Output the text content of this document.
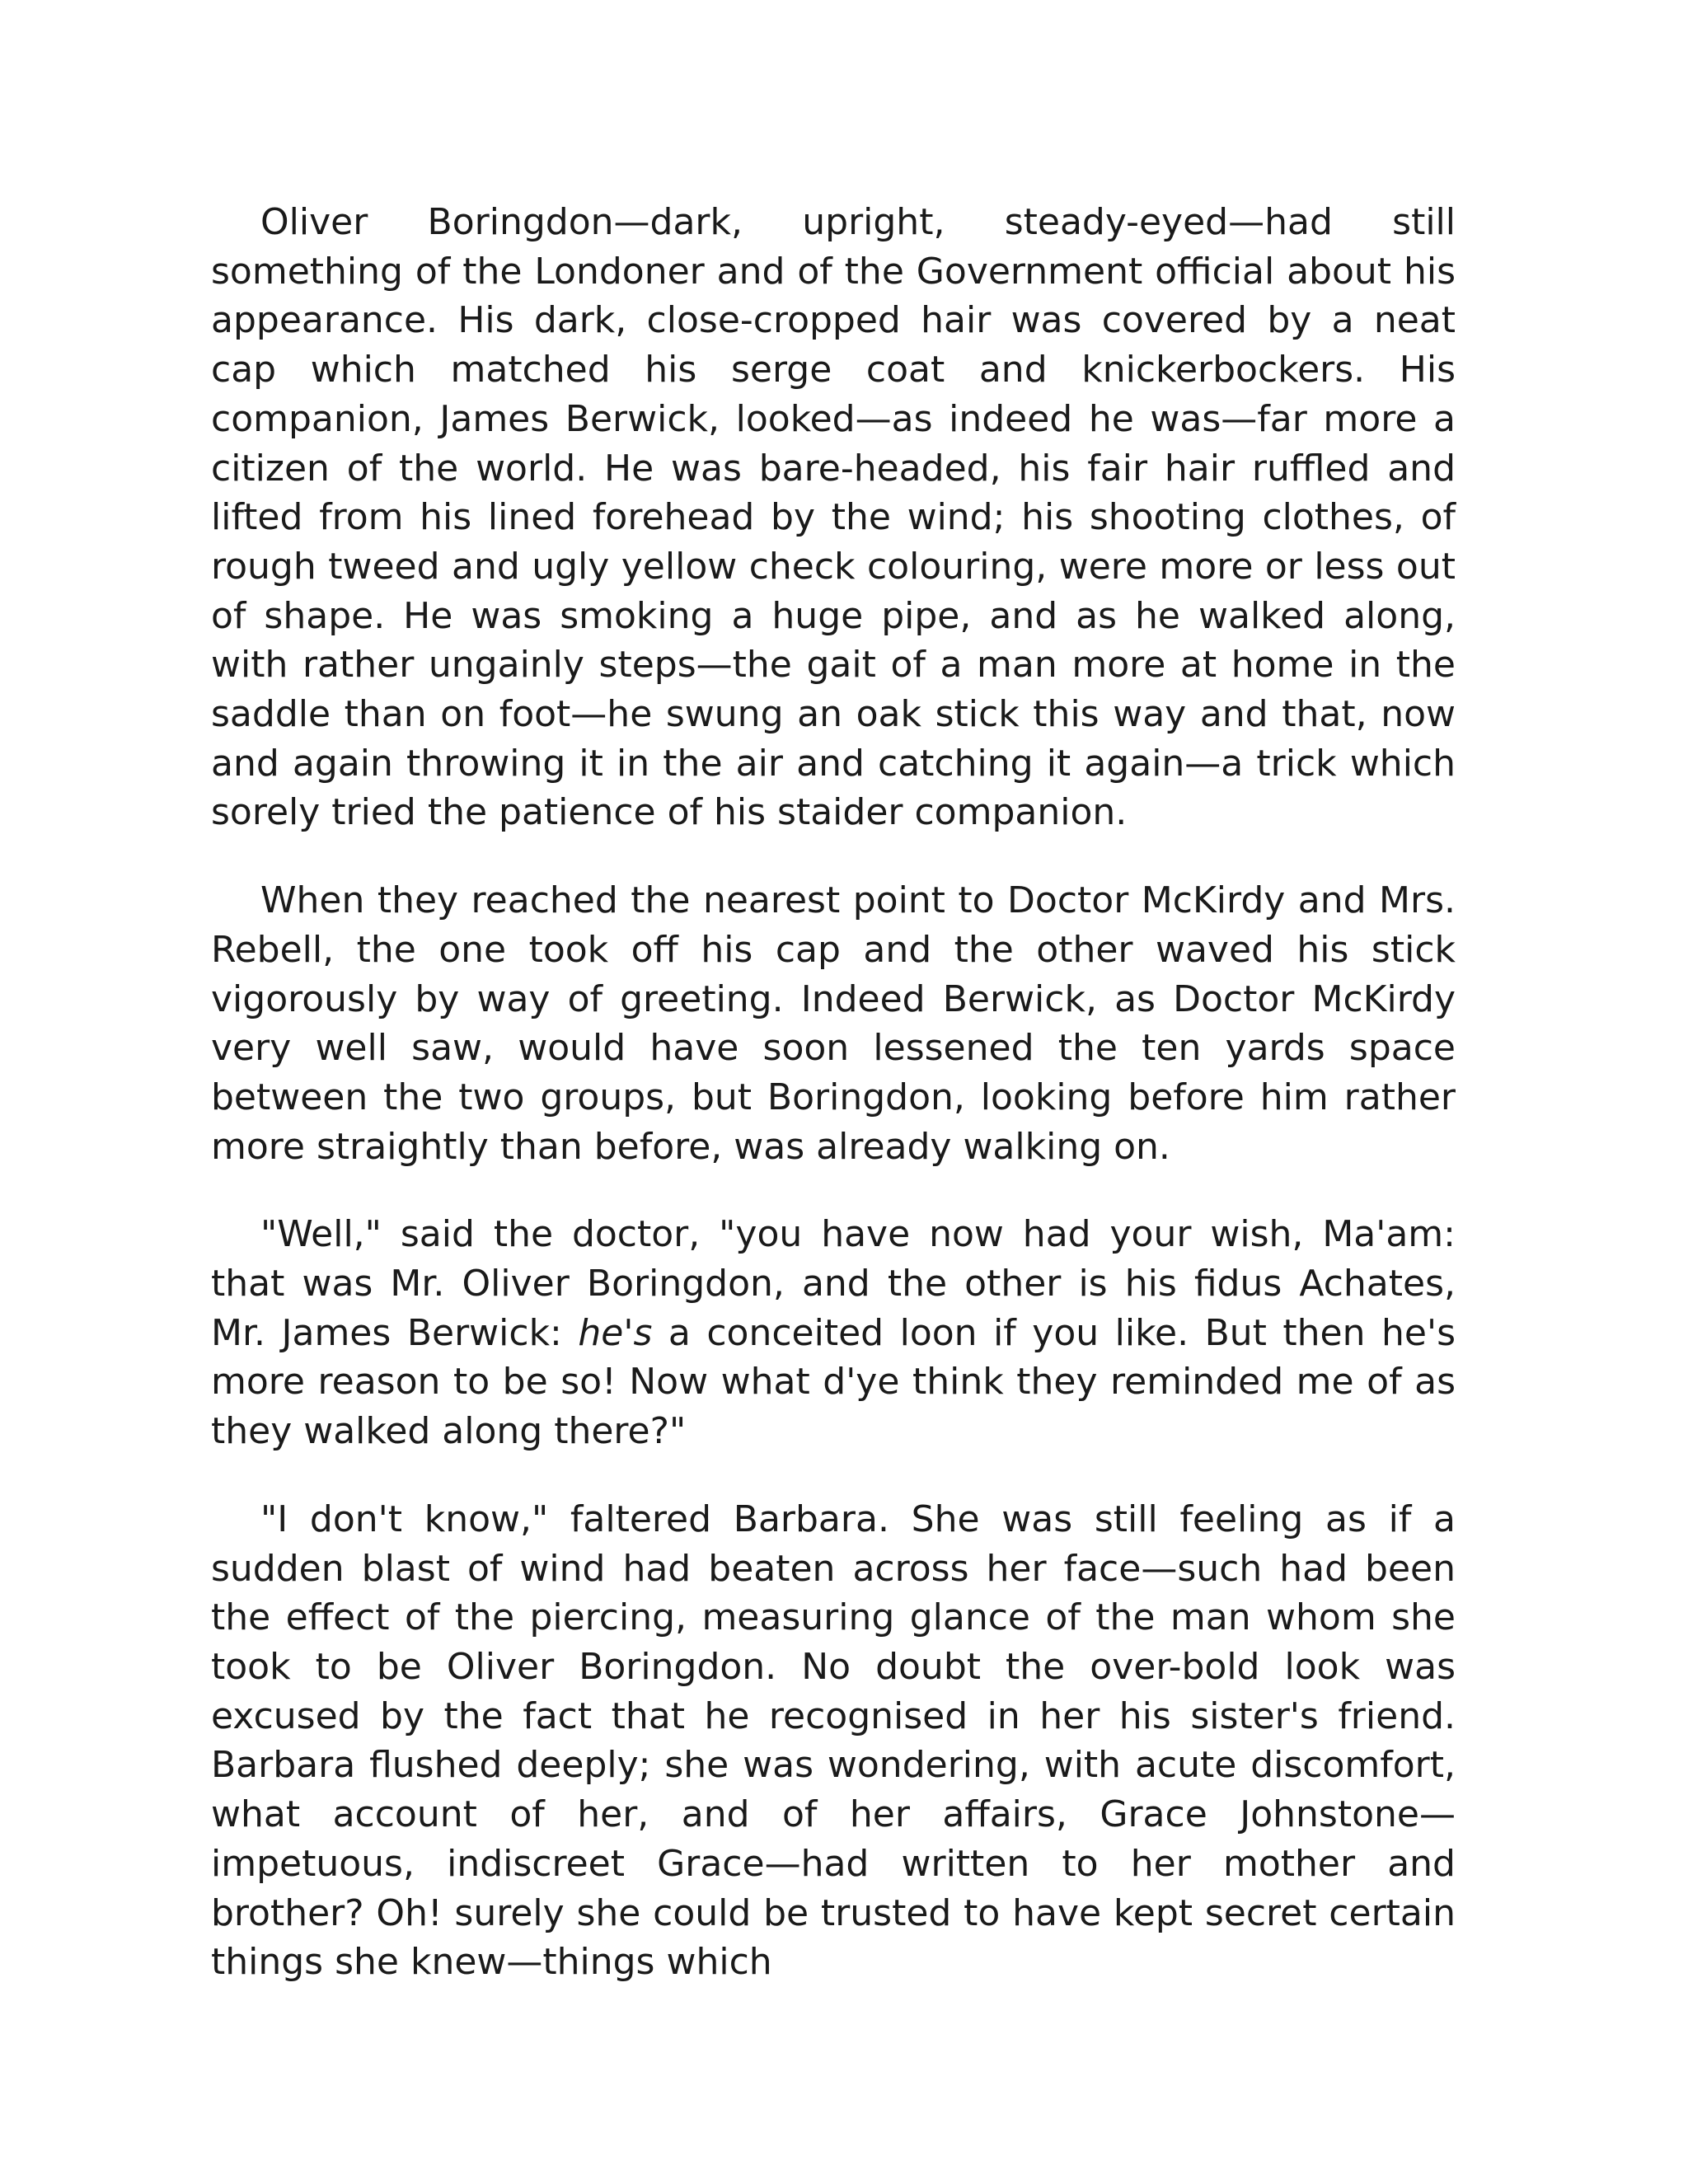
Oliver Boringdon—dark, upright, steady-eyed—had still something of the Londoner and of the Government official about his appearance. His dark, close-cropped hair was covered by a neat cap which matched his serge coat and knickerbockers. His companion, James Berwick, looked—as indeed he was—far more a citizen of the world. He was bare-headed, his fair hair ruffled and lifted from his lined forehead by the wind; his shooting clothes, of rough tweed and ugly yellow check colouring, were more or less out of shape. He was smoking a huge pipe, and as he walked along, with rather ungainly steps—the gait of a man more at home in the saddle than on foot—he swung an oak stick this way and that, now and again throwing it in the air and catching it again—a trick which sorely tried the patience of his staider companion.

When they reached the nearest point to Doctor McKirdy and Mrs. Rebell, the one took off his cap and the other waved his stick vigorously by way of greeting. Indeed Berwick, as Doctor McKirdy very well saw, would have soon lessened the ten yards space between the two groups, but Boringdon, looking before him rather more straightly than before, was already walking on.

"Well," said the doctor, "you have now had your wish, Ma'am: that was Mr. Oliver Boringdon, and the other is his fidus Achates, Mr. James Berwick: he's a conceited loon if you like. But then he's more reason to be so! Now what d'ye think they reminded me of as they walked along there?"

"I don't know," faltered Barbara. She was still feeling as if a sudden blast of wind had beaten across her face—such had been the effect of the piercing, measuring glance of the man whom she took to be Oliver Boringdon. No doubt the over-bold look was excused by the fact that he recognised in her his sister's friend. Barbara flushed deeply; she was wondering, with acute discomfort, what account of her, and of her affairs, Grace Johnstone—impetuous, indiscreet Grace—had written to her mother and brother? Oh! surely she could be trusted to have kept secret certain things she knew—things which
